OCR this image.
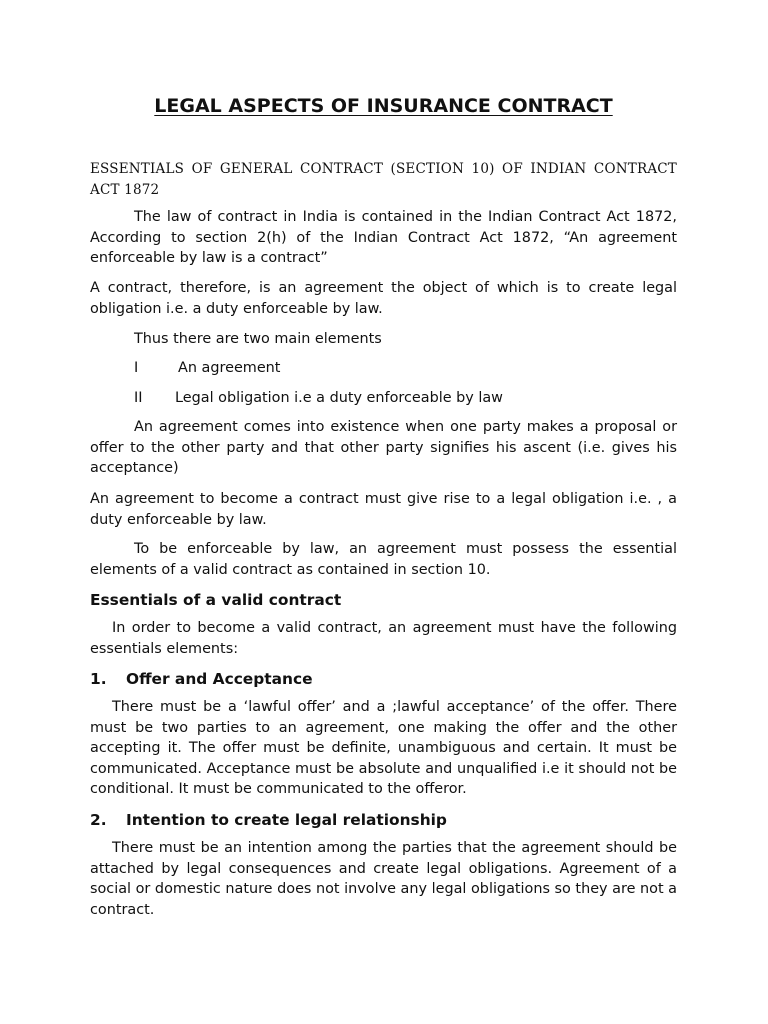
LEGAL ASPECTS OF INSURANCE CONTRACT

ESSENTIALS OF GENERAL CONTRACT (SECTION 10) OF INDIAN CONTRACT ACT 1872

The law of contract in India is contained in the Indian Contract Act 1872, According to section 2(h) of the Indian Contract Act 1872, “An agreement enforceable by law is a contract”

A contract, therefore, is an agreement the object of which is to create legal obligation i.e. a duty enforceable by law.

Thus there are two main elements

I	An agreement

II Legal obligation i.e a duty enforceable by law

An agreement comes into existence when one party makes a proposal or offer to the other party and that other party signifies his ascent (i.e. gives his acceptance)

An agreement to become a contract must give rise to a legal obligation i.e. , a duty enforceable by law.

To be enforceable by law, an agreement must possess the essential elements of a valid contract as contained in section 10.

Essentials of a valid contract

In order to become a valid contract, an agreement must have the following essentials elements:

1. Offer and Acceptance

There must be a ‘lawful offer’ and a ;lawful acceptance’ of the offer. There must be two parties to an agreement, one making the offer and the other accepting it. The offer must be definite, unambiguous and certain. It must be communicated. Acceptance must be absolute and unqualified i.e it should not be conditional. It must be communicated to the offeror.

2. Intention to create legal relationship

There must be an intention among the parties that the agreement should be attached by legal consequences and create legal obligations. Agreement of a social or domestic nature does not involve any legal obligations so they are not a contract.
